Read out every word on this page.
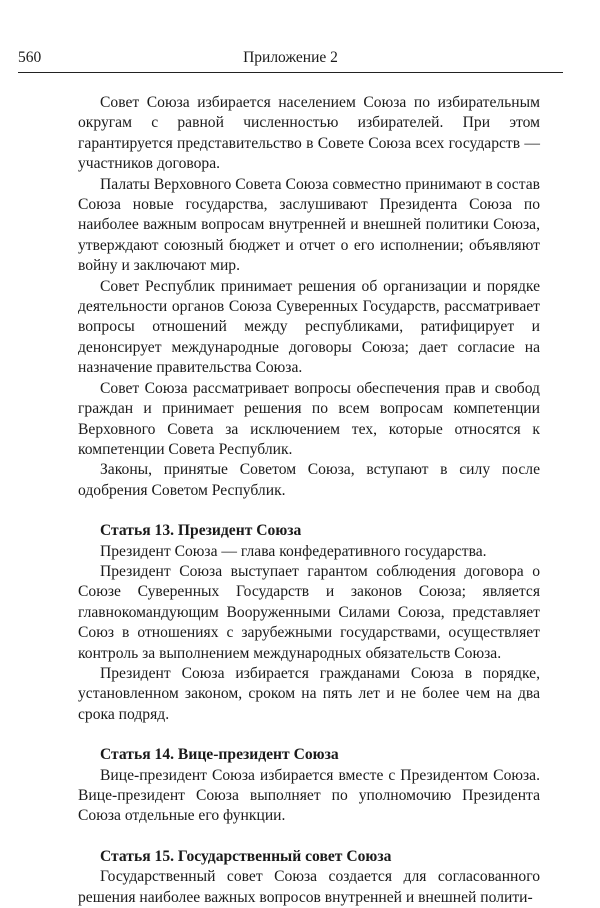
560	Приложение 2

Совет Союза избирается населением Союза по избирательным округам с равной численностью избирателей. При этом гарантируется представительство в Совете Союза всех государств — участников договора.

Палаты Верховного Совета Союза совместно принимают в состав Союза новые государства, заслушивают Президента Союза по наиболее важным вопросам внутренней и внешней политики Союза, утверждают союзный бюджет и отчет о его исполнении; объявляют войну и заключают мир.

Совет Республик принимает решения об организации и порядке деятельности органов Союза Суверенных Государств, рассматривает вопросы отношений между республиками, ратифицирует и денонсирует международные договоры Союза; дает согласие на назначение правительства Союза.

Совет Союза рассматривает вопросы обеспечения прав и свобод граждан и принимает решения по всем вопросам компетенции Верховного Совета за исключением тех, которые относятся к компетенции Совета Республик.

Законы, принятые Советом Союза, вступают в силу после одобрения Советом Республик.

Статья 13. Президент Союза

Президент Союза — глава конфедеративного государства.

Президент Союза выступает гарантом соблюдения договора о Союзе Суверенных Государств и законов Союза; является главнокомандующим Вооруженными Силами Союза, представляет Союз в отношениях с зарубежными государствами, осуществляет контроль за выполнением международных обязательств Союза.

Президент Союза избирается гражданами Союза в порядке, установленном законом, сроком на пять лет и не более чем на два срока подряд.

Статья 14. Вице-президент Союза

Вице-президент Союза избирается вместе с Президентом Союза. Вице-президент Союза выполняет по уполномочию Президента Союза отдельные его функции.

Статья 15. Государственный совет Союза

Государственный совет Союза создается для согласованного решения наиболее важных вопросов внутренней и внешней полити-
